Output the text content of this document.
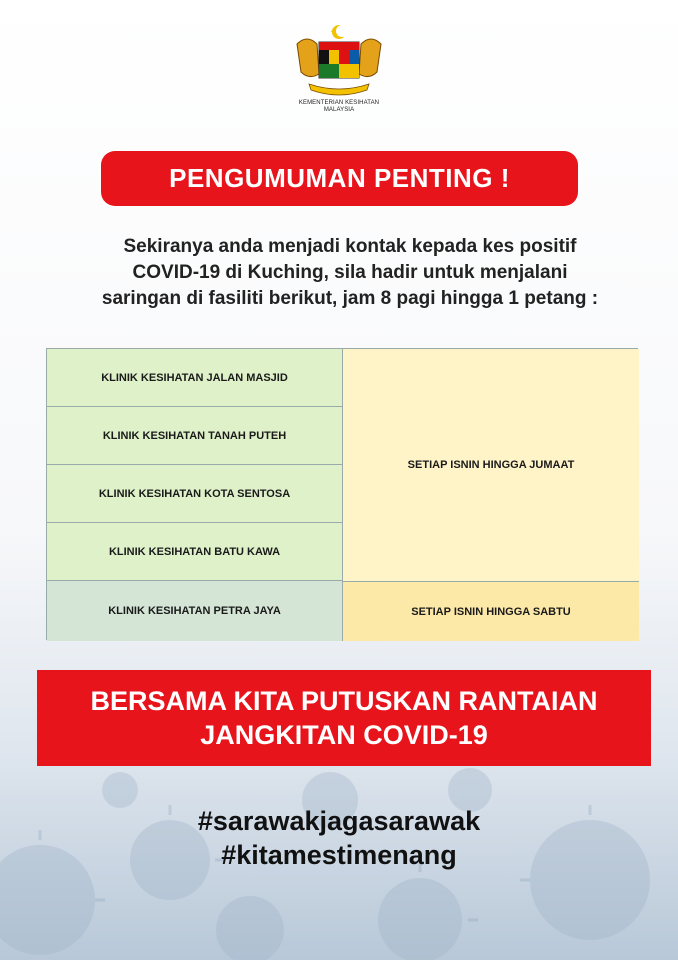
KEMENTERIAN KESIHATAN
MALAYSIA
PENGUMUMAN PENTING !
Sekiranya anda menjadi kontak kepada kes positif
COVID-19 di Kuching, sila hadir untuk menjalani
saringan di fasiliti berikut, jam 8 pagi hingga 1 petang :
KLINIK KESIHATAN JALAN MASJID
KLINIK KESIHATAN TANAH PUTEH
KLINIK KESIHATAN KOTA SENTOSA
KLINIK KESIHATAN BATU KAWA
KLINIK KESIHATAN PETRA JAYA
SETIAP ISNIN HINGGA JUMAAT
SETIAP ISNIN HINGGA SABTU
BERSAMA KITA PUTUSKAN RANTAIAN
JANGKITAN COVID-19
#sarawakjagasarawak
#kitamestimenang
